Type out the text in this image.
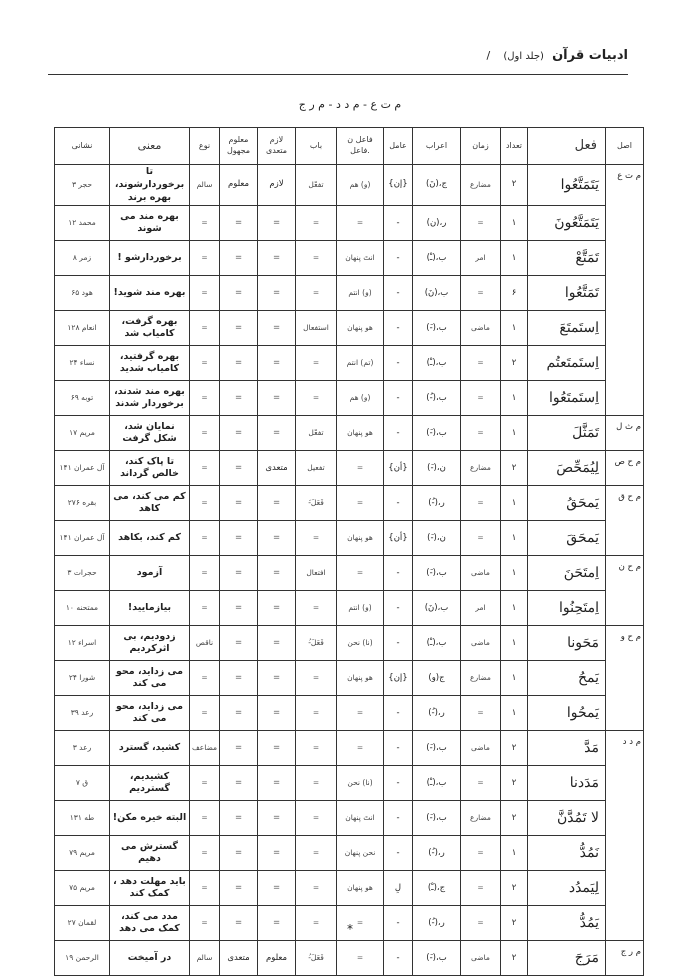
ادبیات قرآن (جلد اول) /
م ت ع - م د د - م ر ج
اصل	فعل	تعداد	زمان	اعراب	عامل	فاعل ن .فاعل	باب	لازم متعدی	معلوم مجهول	نوع	معنی	نشانی
م ت ع	يَتَمَتَّعُوا	۲	مضارع	ج،(نَ)	{إن}	(و) هم	تفعّل	لازم	معلوم	سالم	تا برخوردارشوند، بهره برند	حجر ۳
	يَتَمَتَّعُونَ	۱	=	ر،(ن)	-	=	=	=	=	=	بهره مند می شوند	محمد ۱۲
	تَمَتَّعْ	۱	امر	ب،(ـْ)	-	انتَ پنهان	=	=	=	=	برخوردارشو !	زمر ۸
	تَمَتَّعُوا	۶	=	ب،(نَ)	-	(و) انتم	=	=	=	=	بهره مند شوید!	هود ۶۵
	اِستَمتَعَ	۱	ماضی	ب،(-َ)	-	هو پنهان	استفعال	=	=	=	بهره گرفت، کامیاب شد	انعام ۱۲۸
	اِستَمتَعتُم	۲	=	ب،(ـْ)	-	(تم) انتم	=	=	=	=	بهره گرفتید، کامیاب شدید	نساء ۲۴
	اِستَمتَعُوا	۱	=	ب،(-ُ)	-	(و) هم	=	=	=	=	بهره مند شدند، برخوردار شدند	توبه ۶۹
م ث ل	تَمَثَّلَ	۱	=	ب،(-َ)	-	هو پنهان	تفعّل	=	=	=	نمایان شد، شکل گرفت	مریم ۱۷
م ح ص	لِيُمَحِّصَ	۲	مضارع	ن،(-َ)	{أن}	=	تفعیل	متعدی	=	=	تا پاک کند، خالص گرداند	آل عمران ۱۴۱
م ح ق	يَمحَقُ	۱	=	ر،(-ُ)	-	=	فَعَلَ-َ	=	=	=	کم می کند، می کاهد	بقره ۲۷۶
	يَمحَقَ	۱	=	ن،(-َ)	{أن}	هو پنهان	=	=	=	=	کم کند، بکاهد	آل عمران ۱۴۱
م ح ن	اِمتَحَنَ	۱	ماضی	ب،(-َ)	-	=	افتعال	=	=	=	آزمود	حجرات ۳
	اِمتَحِنُوا	۱	امر	ب،(نَ)	-	(و) انتم	=	=	=	=	بیازمایید!	ممتحنه ۱۰
م ح و	مَحَونا	۱	ماضی	ب،(ـْ)	-	(نا) نحن	فَعَلَ-ُ	=	=	ناقص	زدودیم، بی اثرکردیم	اسراء ۱۲
	يَمحُ	۱	مضارع	ج(و)	{إن}	هو پنهان	=	=	=	=	می زداید، محو می کند	شورا ۲۴
	يَمحُوا	۱	=	ر،(-ُ)	-	=	=	=	=	=	می زداید، محو می کند	رعد ۳۹
م د د	مَدَّ	۲	ماضی	ب،(-َ)	-	=	=	=	=	مضاعف	کشید، گسترد	رعد ۳
	مَدَدنا	۲	=	ب،(ـْ)	-	(نا) نحن	=	=	=	=	کشیدیم، گستردیم	ق ۷
	لا تَمُدَّنَّ	۲	مضارع	ب،(-َ)	-	انتَ پنهان	=	=	=	=	البته خیره مکن!	طه ۱۳۱
	نَمُدُّ	۱	=	ر،(-ُ)	-	نحن پنهان	=	=	=	=	گسترش می دهیم	مریم ۷۹
	لِيَمدُد	۲	=	ج،(ـْ)	لِ	هو پنهان	=	=	=	=	باید مهلت دهد ، کمک کند	مریم ۷۵
	يَمُدُّ	۲	=	ر،(-ُ)	-	=	=	=	=	=	مدد می کند، کمک می دهد	لقمان ۲۷
م ر ج	مَرَجَ	۲	ماضی	ب،(-َ)	-	=	فَعَلَ-ُ	معلوم	متعدی	سالم	در آمیخت	الرحمن ۱۹
*
